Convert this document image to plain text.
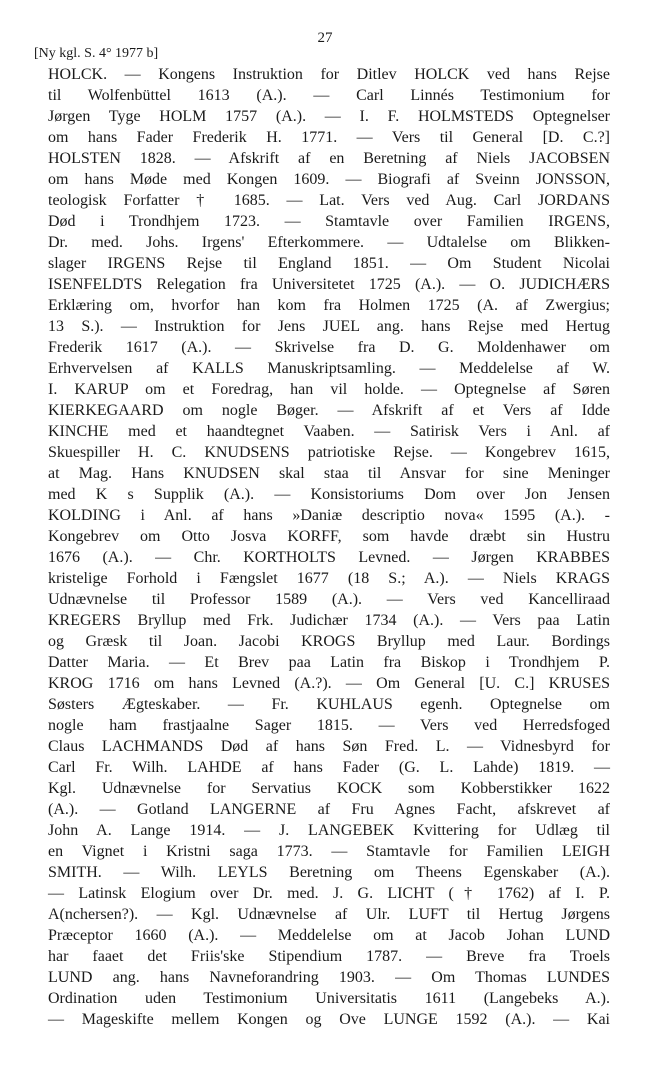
27
[Ny kgl. S. 4° 1977 b]
HOLCK. — Kongens Instruktion for Ditlev HOLCK ved hans Rejse
til Wolfenbüttel 1613 (A.). — Carl Linnés Testimonium for
Jørgen Tyge HOLM 1757 (A.). — I. F. HOLMSTEDS Optegnelser
om hans Fader Frederik H. 1771. — Vers til General [D. C.?]
HOLSTEN 1828. — Afskrift af en Beretning af Niels JACOBSEN
om hans Møde med Kongen 1609. — Biografi af Sveinn JONSSON,
teologisk Forfatter † 1685. — Lat. Vers ved Aug. Carl JORDANS
Død i Trondhjem 1723. — Stamtavle over Familien IRGENS,
Dr. med. Johs. Irgens' Efterkommere. — Udtalelse om Blikken-
slager IRGENS Rejse til England 1851. — Om Student Nicolai
ISENFELDTS Relegation fra Universitetet 1725 (A.). — O. JUDICHÆRS
Erklæring om, hvorfor han kom fra Holmen 1725 (A. af Zwergius;
13 S.). — Instruktion for Jens JUEL ang. hans Rejse med Hertug
Frederik 1617 (A.). — Skrivelse fra D. G. Moldenhawer om
Erhvervelsen af KALLS Manuskriptsamling. — Meddelelse af W.
I. KARUP om et Foredrag, han vil holde. — Optegnelse af Søren
KIERKEGAARD om nogle Bøger. — Afskrift af et Vers af Idde
KINCHE med et haandtegnet Vaaben. — Satirisk Vers i Anl. af
Skuespiller H. C. KNUDSENS patriotiske Rejse. — Kongebrev 1615,
at Mag. Hans KNUDSEN skal staa til Ansvar for sine Meninger
med K s Supplik (A.). — Konsistoriums Dom over Jon Jensen
KOLDING i Anl. af hans »Daniæ descriptio nova« 1595 (A.). -
Kongebrev om Otto Josva KORFF, som havde dræbt sin Hustru
1676 (A.). — Chr. KORTHOLTS Levned. — Jørgen KRABBES
kristelige Forhold i Fængslet 1677 (18 S.; A.). — Niels KRAGS
Udnævnelse til Professor 1589 (A.). — Vers ved Kancelliraad
KREGERS Bryllup med Frk. Judichær 1734 (A.). — Vers paa Latin
og Græsk til Joan. Jacobi KROGS Bryllup med Laur. Bordings
Datter Maria. — Et Brev paa Latin fra Biskop i Trondhjem P.
KROG 1716 om hans Levned (A.?). — Om General [U. C.] KRUSES
Søsters Ægteskaber. — Fr. KUHLAUS egenh. Optegnelse om
nogle ham frastjaalne Sager 1815. — Vers ved Herredsfoged
Claus LACHMANDS Død af hans Søn Fred. L. — Vidnesbyrd for
Carl Fr. Wilh. LAHDE af hans Fader (G. L. Lahde) 1819. —
Kgl. Udnævnelse for Servatius KOCK som Kobberstikker 1622
(A.). — Gotland LANGERNE af Fru Agnes Facht, afskrevet af
John A. Lange 1914. — J. LANGEBEK Kvittering for Udlæg til
en Vignet i Kristni saga 1773. — Stamtavle for Familien LEIGH
SMITH. — Wilh. LEYLS Beretning om Theens Egenskaber (A.).
— Latinsk Elogium over Dr. med. J. G. LICHT († 1762) af I. P.
A(nchersen?). — Kgl. Udnævnelse af Ulr. LUFT til Hertug Jørgens
Præceptor 1660 (A.). — Meddelelse om at Jacob Johan LUND
har faaet det Friis'ske Stipendium 1787. — Breve fra Troels
LUND ang. hans Navneforandring 1903. — Om Thomas LUNDES
Ordination uden Testimonium Universitatis 1611 (Langebeks A.).
— Mageskifte mellem Kongen og Ove LUNGE 1592 (A.). — Kai
